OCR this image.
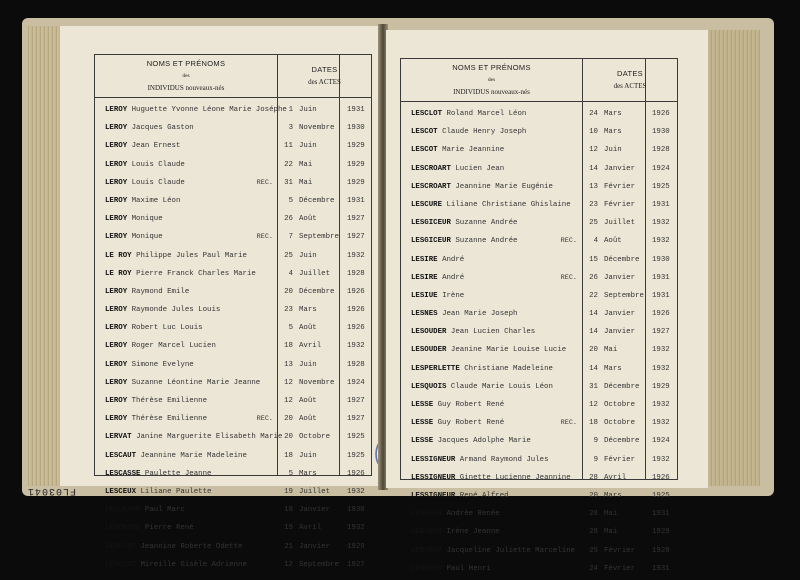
NOMS ET PRÉNOMS
des
INDIVIDUS nouveaux-nés
DATES
des ACTES
LEROY Huguette Yvonne Léone Marie Joséphe 1 Juin	1931
LEROY Jacques Gaston	3 Novembre 1930
LEROY Jean Ernest	11 Juin	1929
LEROY Louis Claude	22 Mai	1929
LEROY Louis Claude	REC.	31 Mai	1929
LEROY Maxime Léon	5 Décembre 1931
LEROY Monique	26 Août	1927
LEROY Monique	REC.	7 Septembre 1927
LE ROY Philippe Jules Paul Marie	25 Juin	1932
LE ROY Pierre Franck Charles Marie	4 Juillet 1928
LEROY Raymond Emile	20 Décembre 1926
LEROY Raymonde Jules Louis	23 Mars	1926
LEROY Robert Luc Louis	5 Août	1926
LEROY Roger Marcel Lucien	18 Avril	1932
LEROY Simone Evelyne	13 Juin	1928
LEROY Suzanne Léontine Marie Jeanne	12 Novembre 1924
LEROY Thérèse Emilienne	12 Août	1927
LEROY Thérèse Emilienne	REC.	20 Août	1927
LERVAT Janine Marguerite Elisabeth Marie 20 Octobre 1925
LESCAUT Jeannine Marie Madeleine	18 Juin	1925
LESCASSE Paulette Jeanne	5 Mars	1926
LESCEUX Liliane Paulette	19 Juillet 1932
LESCHAUD Paul Marc	18 Janvier 1930
LESCHAUD Pierre René	19 Avril	1932
LESCLOT Jeannine Roberte Odette	21 Janvier 1929
LESCLOT Mireille Gisèle Adrienne	12 Septembre 1927
FL03041
NOMS ET PRÉNOMS
des
INDIVIDUS nouveaux-nés
DATES
des ACTES
LESCLOT Roland Marcel Léon	24 Mars	1926
LESCOT Claude Henry Joseph	10 Mars	1930
LESCOT Marie Jeannine	12 Juin	1928
LESCROART Lucien Jean	14 Janvier 1924
LESCROART Jeannine Marie Eugénie	13 Février 1925
LESCURE Liliane Christiane Ghislaine	23 Février 1931
LESGICEUR Suzanne Andrée	25 Juillet 1932
LESGICEUR Suzanne Andrée	REC.	4 Août	1932
LESIRE André	15 Décembre 1930
LESIRE André	REC.	26 Janvier 1931
LESIUE Irène	22 Septembre 1931
LESNES Jean Marie Joseph	14 Janvier 1926
LESOUDER Jean Lucien Charles	14 Janvier 1927
LESOUDER Jeanine Marie Louise Lucie	20 Mai	1932
LESPERLETTE Christiane Madeleine	14 Mars	1932
LESQUOIS Claude Marie Louis Léon	31 Décembre 1929
LESSE Guy Robert René	12 Octobre 1932
LESSE Guy Robert René	REC.	18 Octobre 1932
LESSE Jacques Adolphe Marie	9 Décembre 1924
LESSIGNEUR Armand Raymond Jules	9 Février 1932
LESSIGNEUR Ginette Lucienne Jeannine	28 Avril	1926
LESSIGNEUR René Alfred	20 Mars	1925
LESUEUR Andrée Renée	28 Mai	1931
LESUEUR Irène Jeanne	28 Mai	1929
LESUEUR Jacqueline Juliette Marceline	25 Février 1928
LESUEUR Paul Henri	24 Février 1931
